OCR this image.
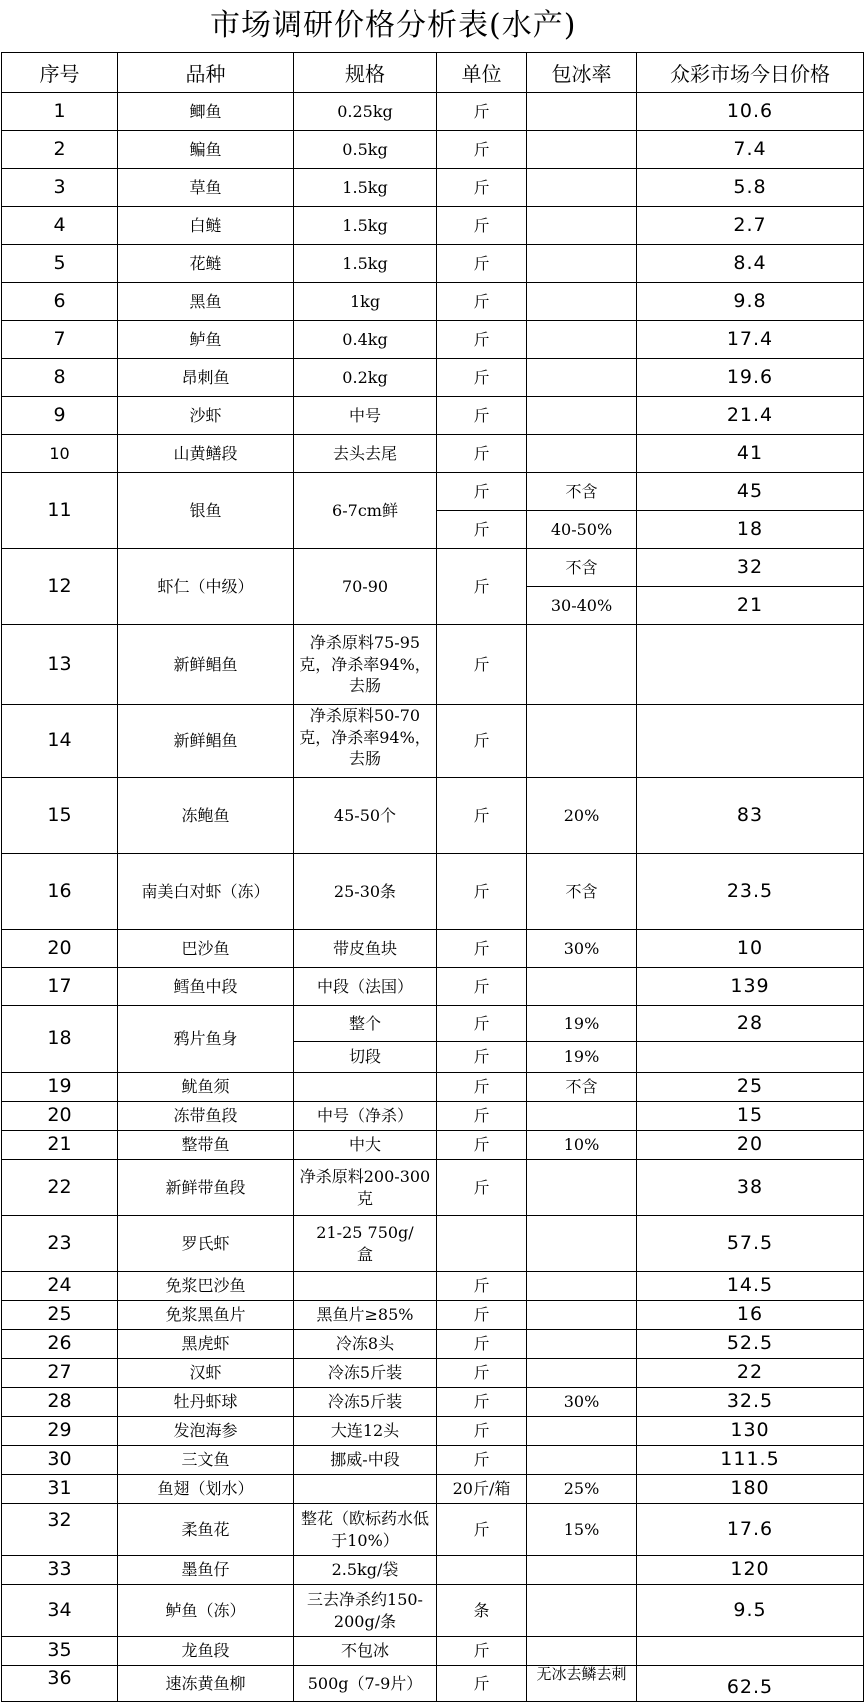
市场调研价格分析表(水产)
序号	品种	规格	单位	包冰率	众彩市场今日价格
1	鲫鱼	0.25kg	斤		10.6
2	鳊鱼	0.5kg	斤		7.4
3	草鱼	1.5kg	斤		5.8
4	白鲢	1.5kg	斤		2.7
5	花鲢	1.5kg	斤		8.4
6	黑鱼	1kg	斤		9.8
7	鲈鱼	0.4kg	斤		17.4
8	昂刺鱼	0.2kg	斤		19.6
9	沙虾	中号	斤		21.4
10	山黄鳝段	去头去尾	斤		41
11	银鱼	6-7cm鲜	斤	不含	45
			斤	40-50%	18
12	虾仁（中级）	70-90	斤	不含	32
				30-40%	21
13	新鲜鲳鱼	净杀原料75-95克，净杀率94%，去肠	斤		
14	新鲜鲳鱼	净杀原料50-70克，净杀率94%，去肠	斤		
15	冻鲍鱼	45-50个	斤	20%	83
16	南美白对虾（冻）	25-30条	斤	不含	23.5
20	巴沙鱼	带皮鱼块	斤	30%	10
17	鳕鱼中段	中段（法国）	斤		139
18	鸦片鱼身	整个	斤	19%	28
		切段	斤	19%	
19	鱿鱼须		斤	不含	25
20	冻带鱼段	中号（净杀）	斤		15
21	整带鱼	中大	斤	10%	20
22	新鲜带鱼段	净杀原料200-300克	斤		38
23	罗氏虾	21-25 750g/盒			57.5
24	免浆巴沙鱼		斤		14.5
25	免浆黑鱼片	黑鱼片≥85%	斤		16
26	黑虎虾	冷冻8头	斤		52.5
27	汉虾	冷冻5斤装	斤		22
28	牡丹虾球	冷冻5斤装	斤	30%	32.5
29	发泡海参	大连12头	斤		130
30	三文鱼	挪威-中段	斤		111.5
31	鱼翅（划水）		20斤/箱	25%	180
32	柔鱼花	整花（欧标药水低于10%）	斤	15%	17.6
33	墨鱼仔	2.5kg/袋			120
34	鲈鱼（冻）	三去净杀约150-200g/条	条		9.5
35	龙鱼段	不包冰	斤		
36	速冻黄鱼柳	500g（7-9片）	斤	无冰去鳞去刺	62.5
